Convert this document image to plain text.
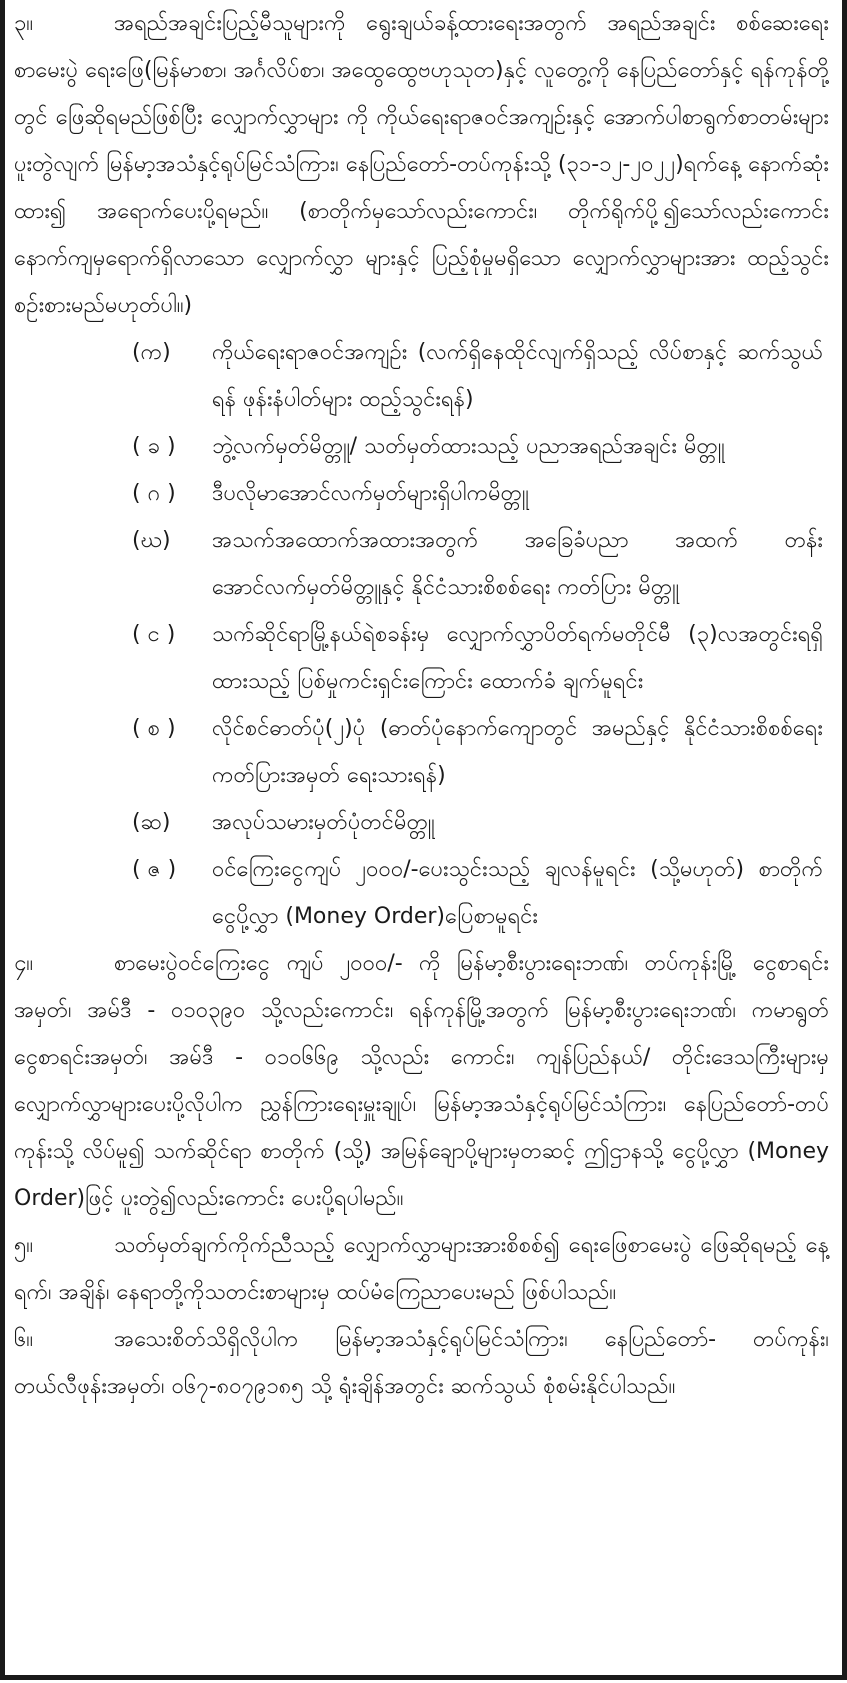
၃။	အရည်အချင်းပြည့်မီသူများကို ရွေးချယ်ခန့်ထားရေးအတွက် အရည်အချင်း စစ်ဆေးရေးစာမေးပွဲ ရေးဖြေ(မြန်မာစာ၊ အင်္ဂလိပ်စာ၊ အထွေထွေဗဟုသုတ)နှင့် လူတွေ့ကို နေပြည်တော်နှင့် ရန်ကုန်တို့တွင် ဖြေဆိုရမည်ဖြစ်ပြီး လျှောက်လွှာများ ကို ကိုယ်ရေးရာဇဝင်အကျဉ်းနှင့် အောက်ပါစာရွက်စာတမ်းများ ပူးတွဲလျက် မြန်မာ့အသံနှင့်ရုပ်မြင်သံကြား၊ နေပြည်တော်-တပ်ကုန်းသို့ (၃၁-၁၂-၂၀၂၂)ရက်နေ့ နောက်ဆုံးထား၍ အရောက်ပေးပို့ရမည်။ (စာတိုက်မှသော်လည်းကောင်း၊ တိုက်ရိုက်ပို့၍သော်လည်းကောင်း နောက်ကျမှရောက်ရှိလာသော လျှောက်လွှာ များနှင့် ပြည့်စုံမှုမရှိသော လျှောက်လွှာများအား ထည့်သွင်းစဉ်းစားမည်မဟုတ်ပါ။)

(က)	ကိုယ်ရေးရာဇဝင်အကျဉ်း (လက်ရှိနေထိုင်လျက်ရှိသည့် လိပ်စာနှင့် ဆက်သွယ်ရန် ဖုန်းနံပါတ်များ ထည့်သွင်းရန်)
( ခ )	ဘွဲ့လက်မှတ်မိတ္တူ/ သတ်မှတ်ထားသည့် ပညာအရည်အချင်း မိတ္တူ
( ဂ )	ဒီပလိုမာအောင်လက်မှတ်များရှိပါကမိတ္တူ
(ဃ)	အသက်အထောက်အထားအတွက် အခြေခံပညာ အထက် တန်းအောင်လက်မှတ်မိတ္တူနှင့် နိုင်ငံသားစိစစ်ရေး ကတ်ပြား မိတ္တူ
( င )	သက်ဆိုင်ရာမြို့နယ်ရဲစခန်းမှ လျှောက်လွှာပိတ်ရက်မတိုင်မီ (၃)လအတွင်းရရှိထားသည့် ပြစ်မှုကင်းရှင်းကြောင်း ထောက်ခံ ချက်မူရင်း
( စ )	လိုင်စင်ဓာတ်ပုံ(၂)ပုံ (ဓာတ်ပုံနောက်ကျောတွင် အမည်နှင့် နိုင်ငံသားစိစစ်ရေးကတ်ပြားအမှတ် ရေးသားရန်)
(ဆ)	အလုပ်သမားမှတ်ပုံတင်မိတ္တူ
( ဇ )	ဝင်ကြေးငွေကျပ် ၂၀၀၀/-ပေးသွင်းသည့် ချလန်မူရင်း (သို့မဟုတ်) စာတိုက်ငွေပို့လွှာ (Money Order)ပြေစာမူရင်း

၄။	စာမေးပွဲဝင်ကြေးငွေ ကျပ် ၂၀၀၀/- ကို မြန်မာ့စီးပွားရေးဘဏ်၊ တပ်ကုန်းမြို့ ငွေစာရင်းအမှတ်၊ အမ်ဒီ - ၀၁၀၃၉၀ သို့လည်းကောင်း၊ ရန်ကုန်မြို့အတွက် မြန်မာ့စီးပွားရေးဘဏ်၊ ကမာရွတ်ငွေစာရင်းအမှတ်၊ အမ်ဒီ - ၀၁၀၆၆၉ သို့လည်း ကောင်း၊ ကျန်ပြည်နယ်/ တိုင်းဒေသကြီးများမှ လျှောက်လွှာများပေးပို့လိုပါက ညွှန်ကြားရေးမှူးချုပ်၊ မြန်မာ့အသံနှင့်ရုပ်မြင်သံကြား၊ နေပြည်တော်-တပ်ကုန်းသို့ လိပ်မူ၍ သက်ဆိုင်ရာ စာတိုက် (သို့) အမြန်ချောပို့များမှတဆင့် ဤဌာနသို့ ငွေပို့လွှာ (Money Order)ဖြင့် ပူးတွဲ၍လည်းကောင်း ပေးပို့ရပါမည်။

၅။	သတ်မှတ်ချက်ကိုက်ညီသည့် လျှောက်လွှာများအားစိစစ်၍ ရေးဖြေစာမေးပွဲ ဖြေဆိုရမည့် နေ့ရက်၊ အချိန်၊ နေရာတို့ကိုသတင်းစာများမှ ထပ်မံကြေညာပေးမည် ဖြစ်ပါသည်။

၆။	အသေးစိတ်သိရှိလိုပါက မြန်မာ့အသံနှင့်ရုပ်မြင်သံကြား၊ နေပြည်တော်- တပ်ကုန်း၊ တယ်လီဖုန်းအမှတ်၊ ၀၆၇-၈၀၇၉၁၈၅ သို့ ရုံးချိန်အတွင်း ဆက်သွယ် စုံစမ်းနိုင်ပါသည်။
